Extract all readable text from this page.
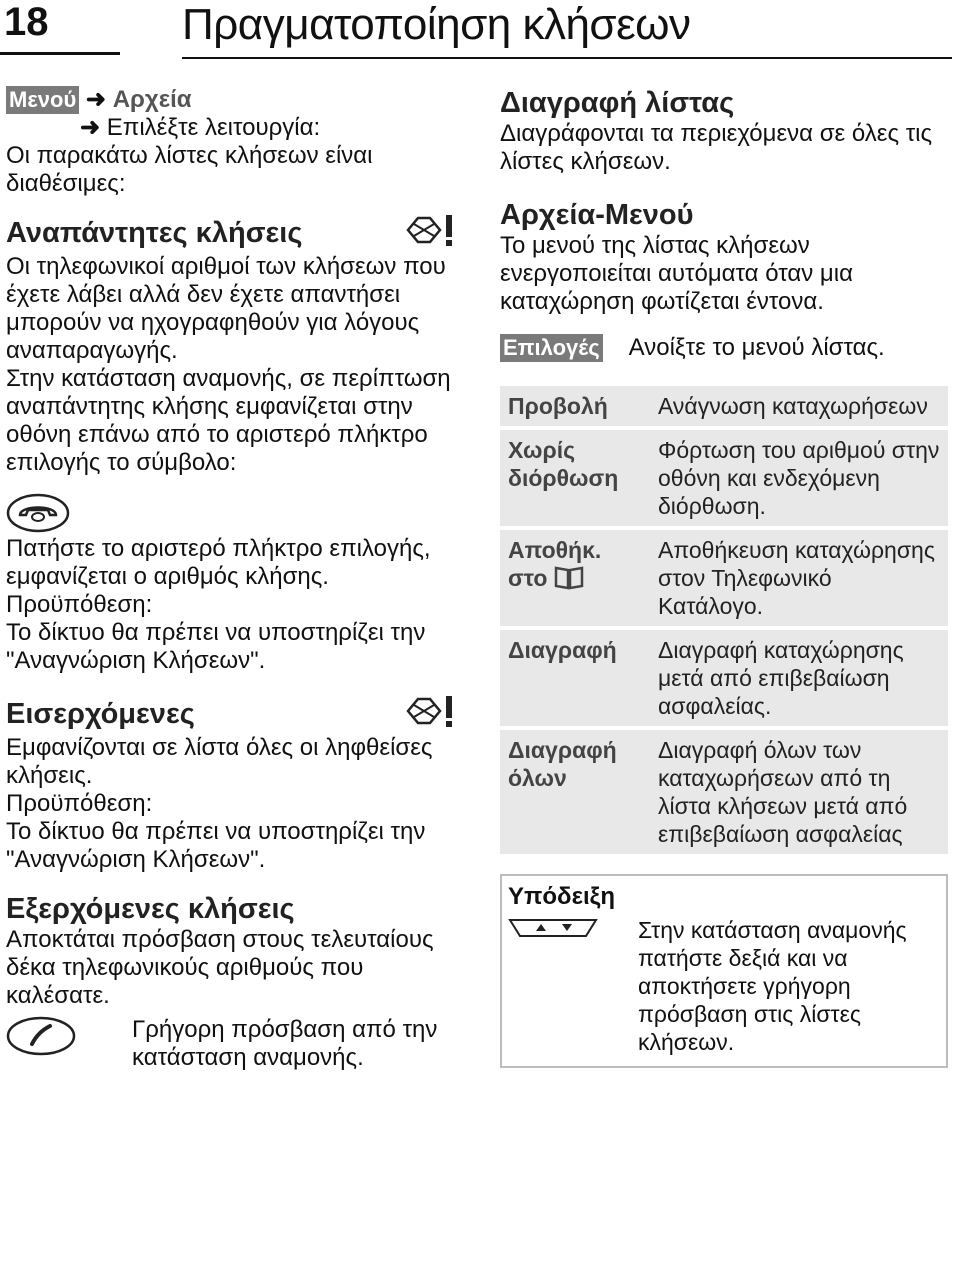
18	Πραγματοποίηση κλήσεων
Μενού ➜ Αρχεία
➜ Επιλέξτε λειτουργία:

Οι παρακάτω λίστες κλήσεων είναι διαθέσιμες:

Αναπάντητες κλήσεις

Οι τηλεφωνικοί αριθμοί των κλήσεων που έχετε λάβει αλλά δεν έχετε απαντήσει μπορούν να ηχογραφηθούν για λόγους αναπαραγωγής.

Στην κατάσταση αναμονής, σε περίπτωση αναπάντητης κλήσης εμφανίζεται στην οθόνη επάνω από το αριστερό πλήκτρο επιλογής το σύμβολο:

Πατήστε το αριστερό πλήκτρο επιλογής, εμφανίζεται ο αριθμός κλήσης.

Προϋπόθεση:

Το δίκτυο θα πρέπει να υποστηρίζει την "Αναγνώριση Κλήσεων".

Εισερχόμενες

Εμφανίζονται σε λίστα όλες οι ληφθείσες κλήσεις.

Προϋπόθεση:

Το δίκτυο θα πρέπει να υποστηρίζει την "Αναγνώριση Κλήσεων".

Εξερχόμενες κλήσεις

Αποκτάται πρόσβαση στους τελευταίους δέκα τηλεφωνικούς αριθμούς που καλέσατε.

Γρήγορη πρόσβαση από την κατάσταση αναμονής.

Διαγραφή λίστας

Διαγράφονται τα περιεχόμενα σε όλες τις λίστες κλήσεων.

Αρχεία-Μενού

Το μενού της λίστας κλήσεων ενεργοποιείται αυτόματα όταν μια καταχώρηση φωτίζεται έντονα.

Επιλογές Ανοίξτε το μενού λίστας.
Προβολή	Ανάγνωση καταχωρήσεων
Χωρίς διόρθωση	Φόρτωση του αριθμού στην οθόνη και ενδεχόμενη διόρθωση.
Αποθήκ. στο	Αποθήκευση καταχώρησης στον Τηλεφωνικό Κατάλογο.
Διαγραφή	Διαγραφή καταχώρησης μετά από επιβεβαίωση ασφαλείας.
Διαγραφή όλων	Διαγραφή όλων των καταχωρήσεων από τη λίστα κλήσεων μετά από επιβεβαίωση ασφαλείας
Υπόδειξη
Στην κατάσταση αναμονής πατήστε δεξιά και να αποκτήσετε γρήγορη πρόσβαση στις λίστες κλήσεων.
